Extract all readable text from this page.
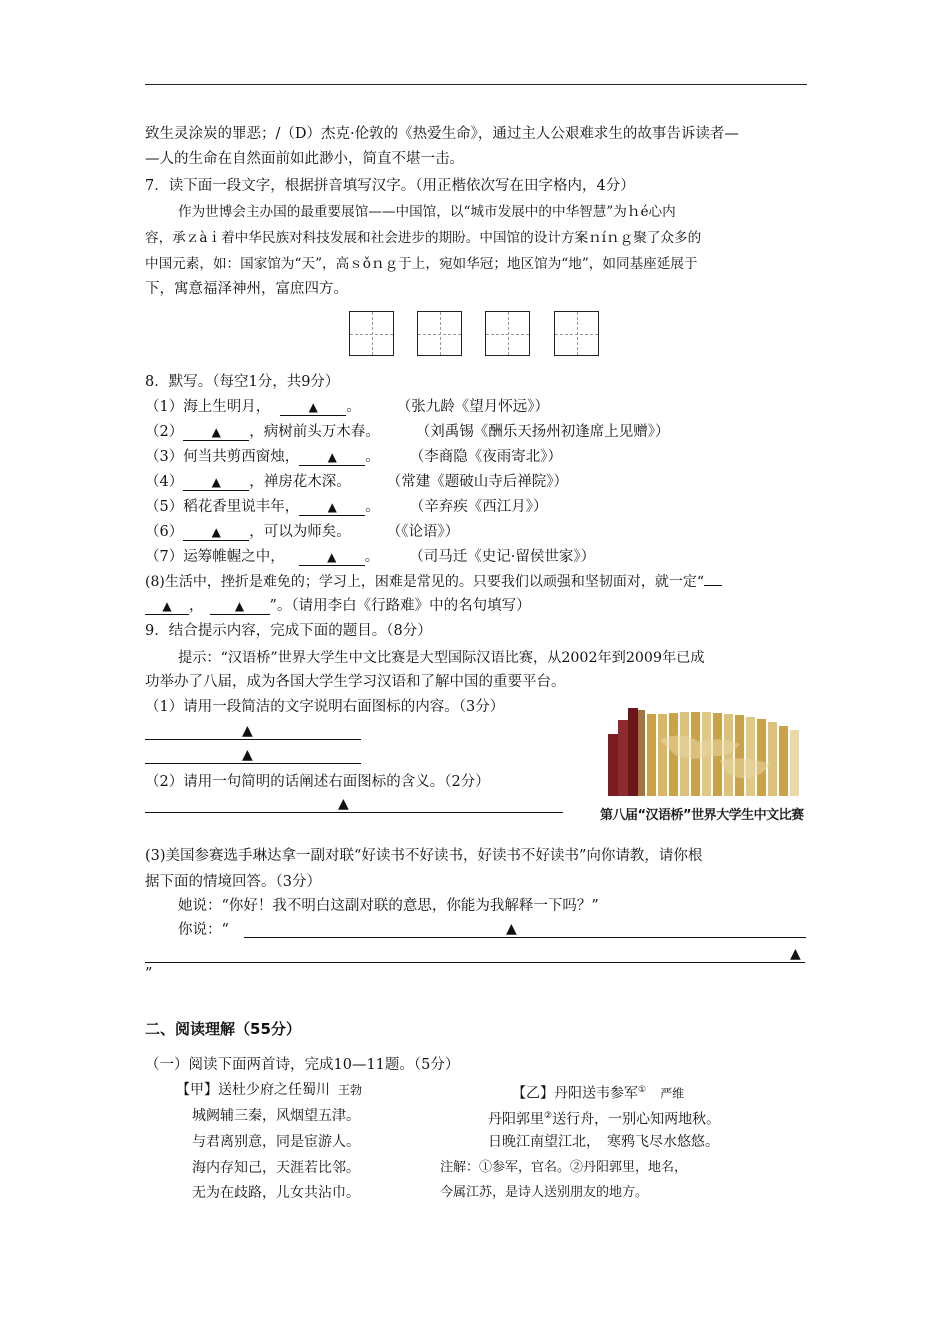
致生灵涂炭的罪恶；/（D）杰克·伦敦的《热爱生命》，通过主人公艰难求生的故事告诉读者—
—人的生命在自然面前如此渺小，简直不堪一击。
7．读下面一段文字，根据拼音填写汉字。（用正楷依次写在田字格内，4分）
作为世博会主办国的最重要展馆——中国馆，以“城市发展中的中华智慧”为ｈé心内
容，承ｚàｉ着中华民族对科技发展和社会进步的期盼。中国馆的设计方案ｎíｎｇ聚了众多的
中国元素，如：国家馆为“天”，高ｓǒｎｇ于上，宛如华冠；地区馆为“地”，如同基座延展于
下，寓意福泽神州，富庶四方。
8．默写。（每空1分，共9分）
（1）海上生明月，	▲ 。 （张九龄《望月怀远》）
（2） ▲ ，病树前头万木春。 （刘禹锡《酬乐天扬州初逢席上见赠》）
（3）何当共剪西窗烛， ▲ 。 （李商隐《夜雨寄北》）
（4） ▲ ，禅房花木深。 （常建《题破山寺后禅院》）
（5）稻花香里说丰年， ▲ 。 （辛弃疾《西江月》）
（6） ▲ ，可以为师矣。 （《论语》）
（7）运筹帷幄之中，	▲ 。 （司马迁《史记·留侯世家》）
(8)生活中，挫折是难免的；学习上，困难是常见的。只要我们以顽强和坚韧面对，就一定“
▲ ，	▲ ”。（请用李白《行路难》中的名句填写）
9．结合提示内容，完成下面的题目。（8分）
提示：“汉语桥”世界大学生中文比赛是大型国际汉语比赛，从2002年到2009年已成
功举办了八届，成为各国大学生学习汉语和了解中国的重要平台。
（1）请用一段简洁的文字说明右面图标的内容。（3分）
▲
▲
（2）请用一句简明的话阐述右面图标的含义。（2分）
▲
第八届“汉语桥”世界大学生中文比赛
(3)美国参赛选手琳达拿一副对联“好读书不好读书，好读书不好读书”向你请教，请你根
据下面的情境回答。（3分）
她说：“你好！我不明白这副对联的意思，你能为我解释一下吗？”
你说：“	▲
▲
”
二、阅读理解（55分）
（一）阅读下面两首诗，完成10—11题。（5分）
【甲】送杜少府之任蜀川 王勃
城阙辅三秦，风烟望五津。
与君离别意，同是宦游人。
海内存知己，天涯若比邻。
无为在歧路，儿女共沾巾。
【乙】丹阳送韦参军① 严维
丹阳郭里②送行舟，一别心知两地秋。
日晚江南望江北，　寒鸦飞尽水悠悠。
注解：①参军，官名。②丹阳郭里，地名，
今属江苏，是诗人送别朋友的地方。
